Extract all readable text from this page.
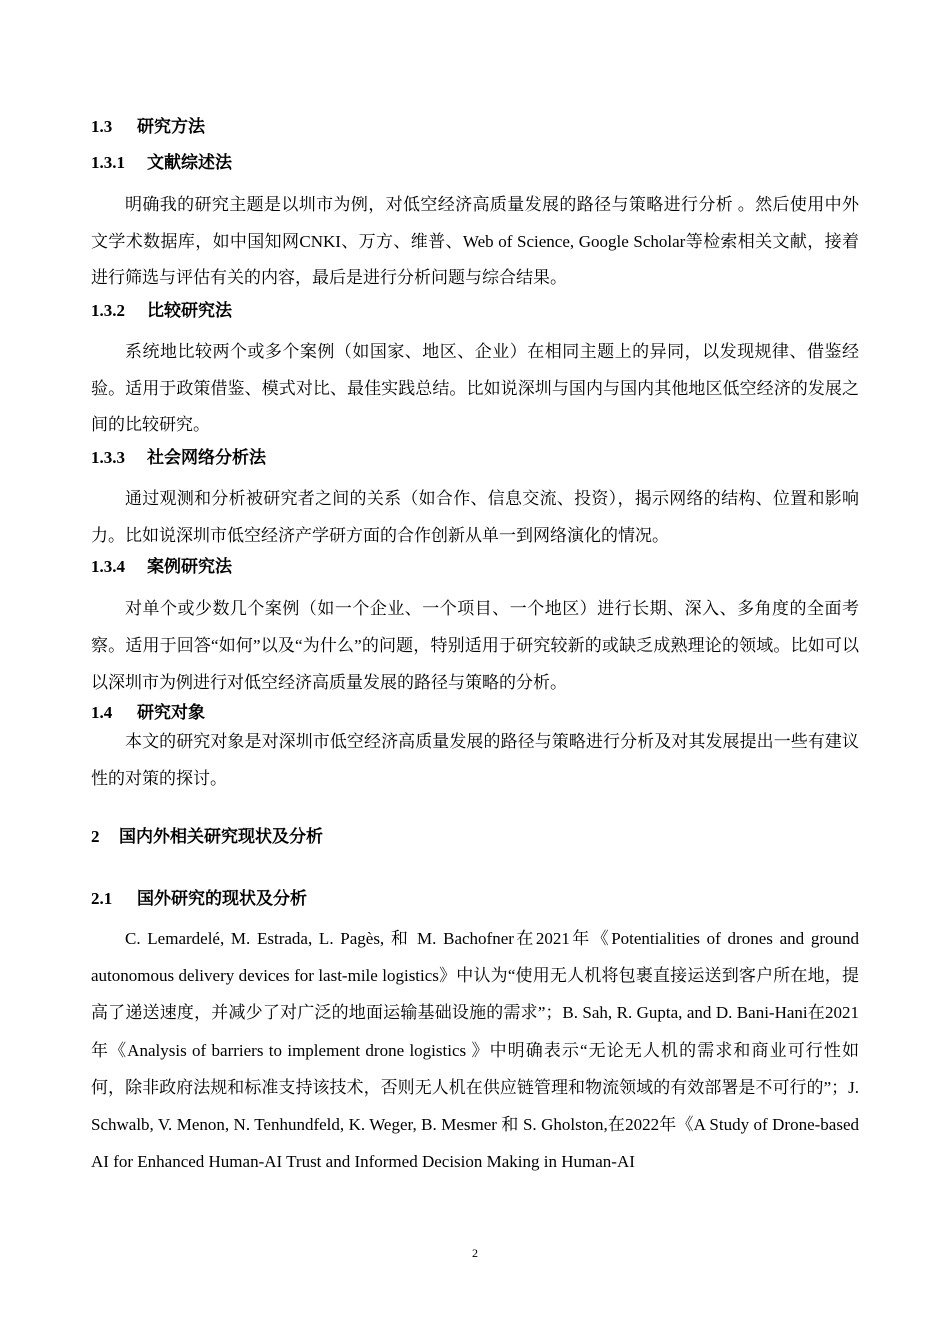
1.3 研究方法
1.3.1 文献综述法

明确我的研究主题是以圳市为例，对低空经济高质量发展的路径与策略进行分析 。然后使用中外文学术数据库，如中国知网CNKI、万方、维普、Web of Science, Google Scholar等检索相关文献，接着进行筛选与评估有关的内容，最后是进行分析问题与综合结果。

1.3.2 比较研究法

系统地比较两个或多个案例（如国家、地区、企业）在相同主题上的异同，以发现规律、借鉴经验。适用于政策借鉴、模式对比、最佳实践总结。比如说深圳与国内与国内其他地区低空经济的发展之间的比较研究。

1.3.3 社会网络分析法

通过观测和分析被研究者之间的关系（如合作、信息交流、投资），揭示网络的结构、位置和影响力。比如说深圳市低空经济产学研方面的合作创新从单一到网络演化的情况。

1.3.4 案例研究法

对单个或少数几个案例（如一个企业、一个项目、一个地区）进行长期、深入、多角度的全面考察。适用于回答“如何”以及“为什么”的问题，特别适用于研究较新的或缺乏成熟理论的领域。比如可以以深圳市为例进行对低空经济高质量发展的路径与策略的分析。

1.4 研究对象

本文的研究对象是对深圳市低空经济高质量发展的路径与策略进行分析及对其发展提出一些有建议性的对策的探讨。

2 国内外相关研究现状及分析
2.1 国外研究的现状及分析

C. Lemardelé, M. Estrada, L. Pagès, 和 M. Bachofner在2021年《Potentialities of drones and ground autonomous delivery devices for last-mile logistics》中认为“使用无人机将包裹直接运送到客户所在地，提高了递送速度，并减少了对广泛的地面运输基础设施的需求”；B. Sah, R. Gupta, and D. Bani-Hani在2021年《Analysis of barriers to implement drone logistics 》中明确表示“无论无人机的需求和商业可行性如何，除非政府法规和标准支持该技术，否则无人机在供应链管理和物流领域的有效部署是不可行的”；J. Schwalb, V. Menon, N. Tenhundfeld, K. Weger, B. Mesmer 和 S. Gholston,在2022年《A Study of Drone-based AI for Enhanced Human-AI Trust and Informed Decision Making in Human-AI

2
